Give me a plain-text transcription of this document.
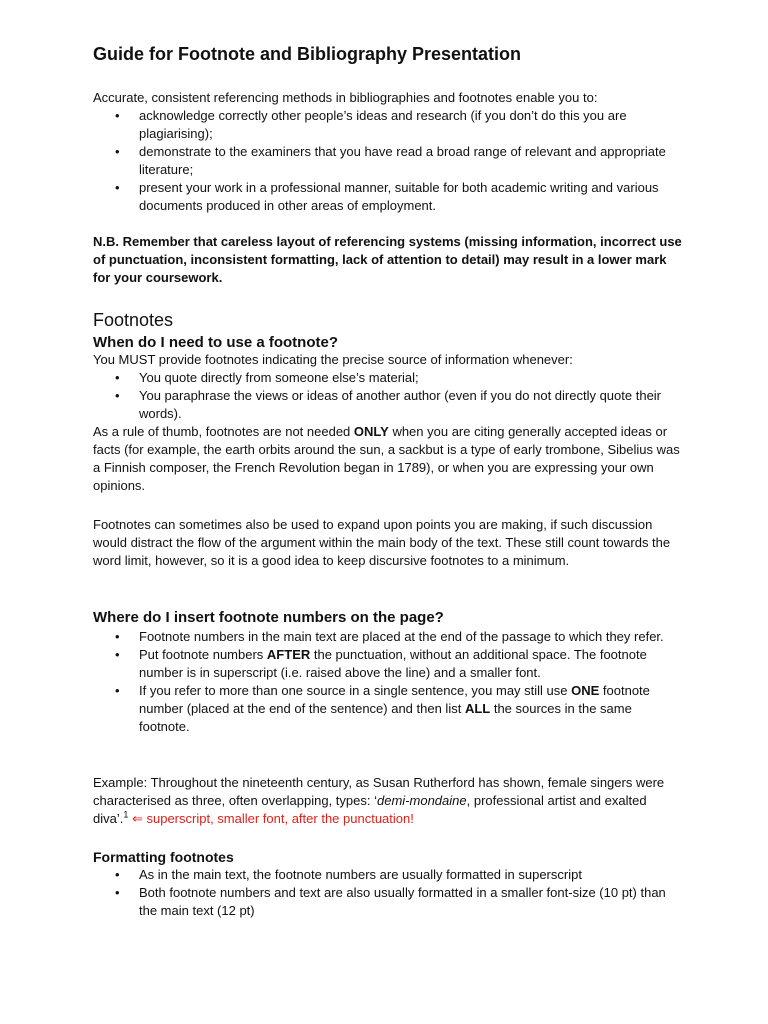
Guide for Footnote and Bibliography Presentation

Accurate, consistent referencing methods in bibliographies and footnotes enable you to:

• acknowledge correctly other people’s ideas and research (if you don’t do this you are plagiarising);
• demonstrate to the examiners that you have read a broad range of relevant and appropriate literature;
• present your work in a professional manner, suitable for both academic writing and various documents produced in other areas of employment.

N.B. Remember that careless layout of referencing systems (missing information, incorrect use of punctuation, inconsistent formatting, lack of attention to detail) may result in a lower mark for your coursework.

Footnotes
When do I need to use a footnote?

You MUST provide footnotes indicating the precise source of information whenever:

• You quote directly from someone else’s material;
• You paraphrase the views or ideas of another author (even if you do not directly quote their words).

As a rule of thumb, footnotes are not needed ONLY when you are citing generally accepted ideas or facts (for example, the earth orbits around the sun, a sackbut is a type of early trombone, Sibelius was a Finnish composer, the French Revolution began in 1789), or when you are expressing your own opinions.

Footnotes can sometimes also be used to expand upon points you are making, if such discussion would distract the flow of the argument within the main body of the text. These still count towards the word limit, however, so it is a good idea to keep discursive footnotes to a minimum.

Where do I insert footnote numbers on the page?
• Footnote numbers in the main text are placed at the end of the passage to which they refer.
• Put footnote numbers AFTER the punctuation, without an additional space. The footnote number is in superscript (i.e. raised above the line) and a smaller font.
• If you refer to more than one source in a single sentence, you may still use ONE footnote number (placed at the end of the sentence) and then list ALL the sources in the same footnote.

Example: Throughout the nineteenth century, as Susan Rutherford has shown, female singers were characterised as three, often overlapping, types: ‘demi-mondaine, professional artist and exalted diva’.$^1$ ⇐ superscript, smaller font, after the punctuation!

Formatting footnotes
• As in the main text, the footnote numbers are usually formatted in superscript
• Both footnote numbers and text are also usually formatted in a smaller font-size (10 pt) than the main text (12 pt)
